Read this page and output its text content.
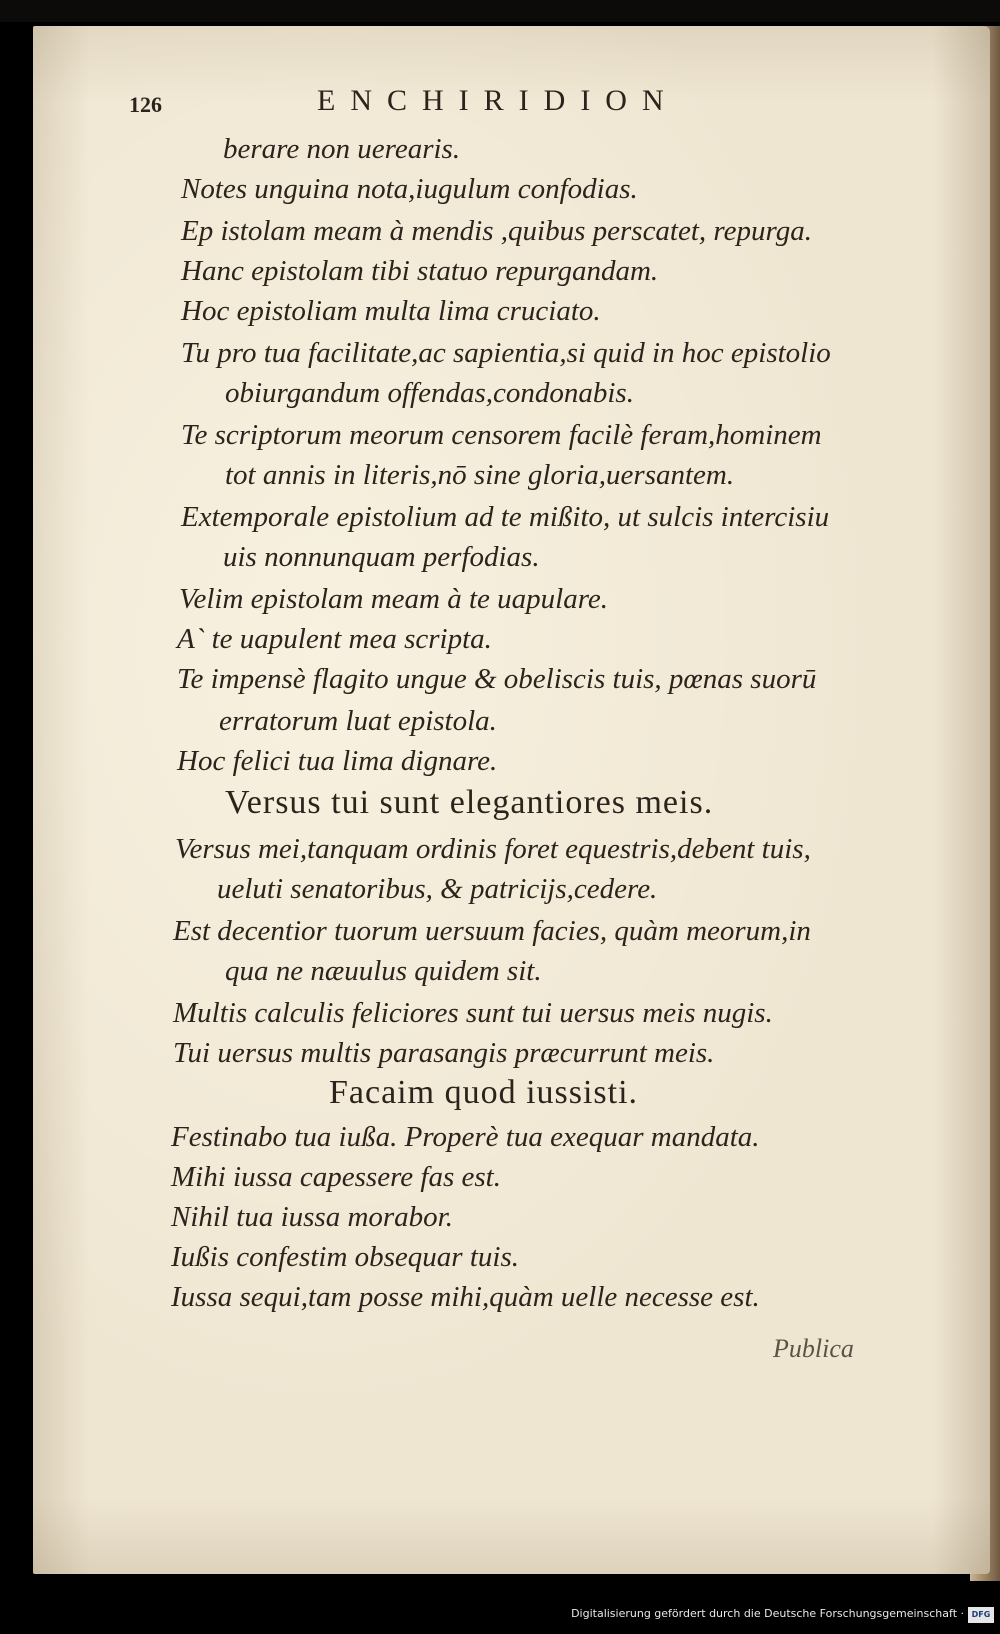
126	ENCHIRIDION
berare non uerearis.
Notes unguina nota,iugulum confodias.
Ep istolam meam à mendis ,quibus perscatet, repurga.
Hanc epistolam tibi statuo repurgandam.
Hoc epistoliam multa lima cruciato.
Tu pro tua facilitate,ac sapientia,si quid in hoc epistolio
obiurgandum offendas,condonabis.
Te scriptorum meorum censorem facilè feram,hominem
tot annis in literis,nō sine gloria,uersantem.
Extemporale epistolium ad te mißito, ut sulcis intercisiu
uis nonnunquam perfodias.
Velim epistolam meam à te uapulare.
A` te uapulent mea scripta.
Te impensè flagito ungue & obeliscis tuis, pœnas suorū
erratorum luat epistola.
Hoc felici tua lima dignare.
Versus tui sunt elegantiores meis.
Versus mei,tanquam ordinis foret equestris,debent tuis,
ueluti senatoribus, & patricijs,cedere.
Est decentior tuorum uersuum facies, quàm meorum,in
qua ne næuulus quidem sit.
Multis calculis feliciores sunt tui uersus meis nugis.
Tui uersus multis parasangis præcurrunt meis.
Facaim quod iussisti.
Festinabo tua iußa. Properè tua exequar mandata.
Mihi iussa capessere fas est.
Nihil tua iussa morabor.
Iußis confestim obsequar tuis.
Iussa sequi,tam posse mihi,quàm uelle necesse est.
Publica
Digitalisierung gefördert durch die Deutsche Forschungsgemeinschaft · DFG
